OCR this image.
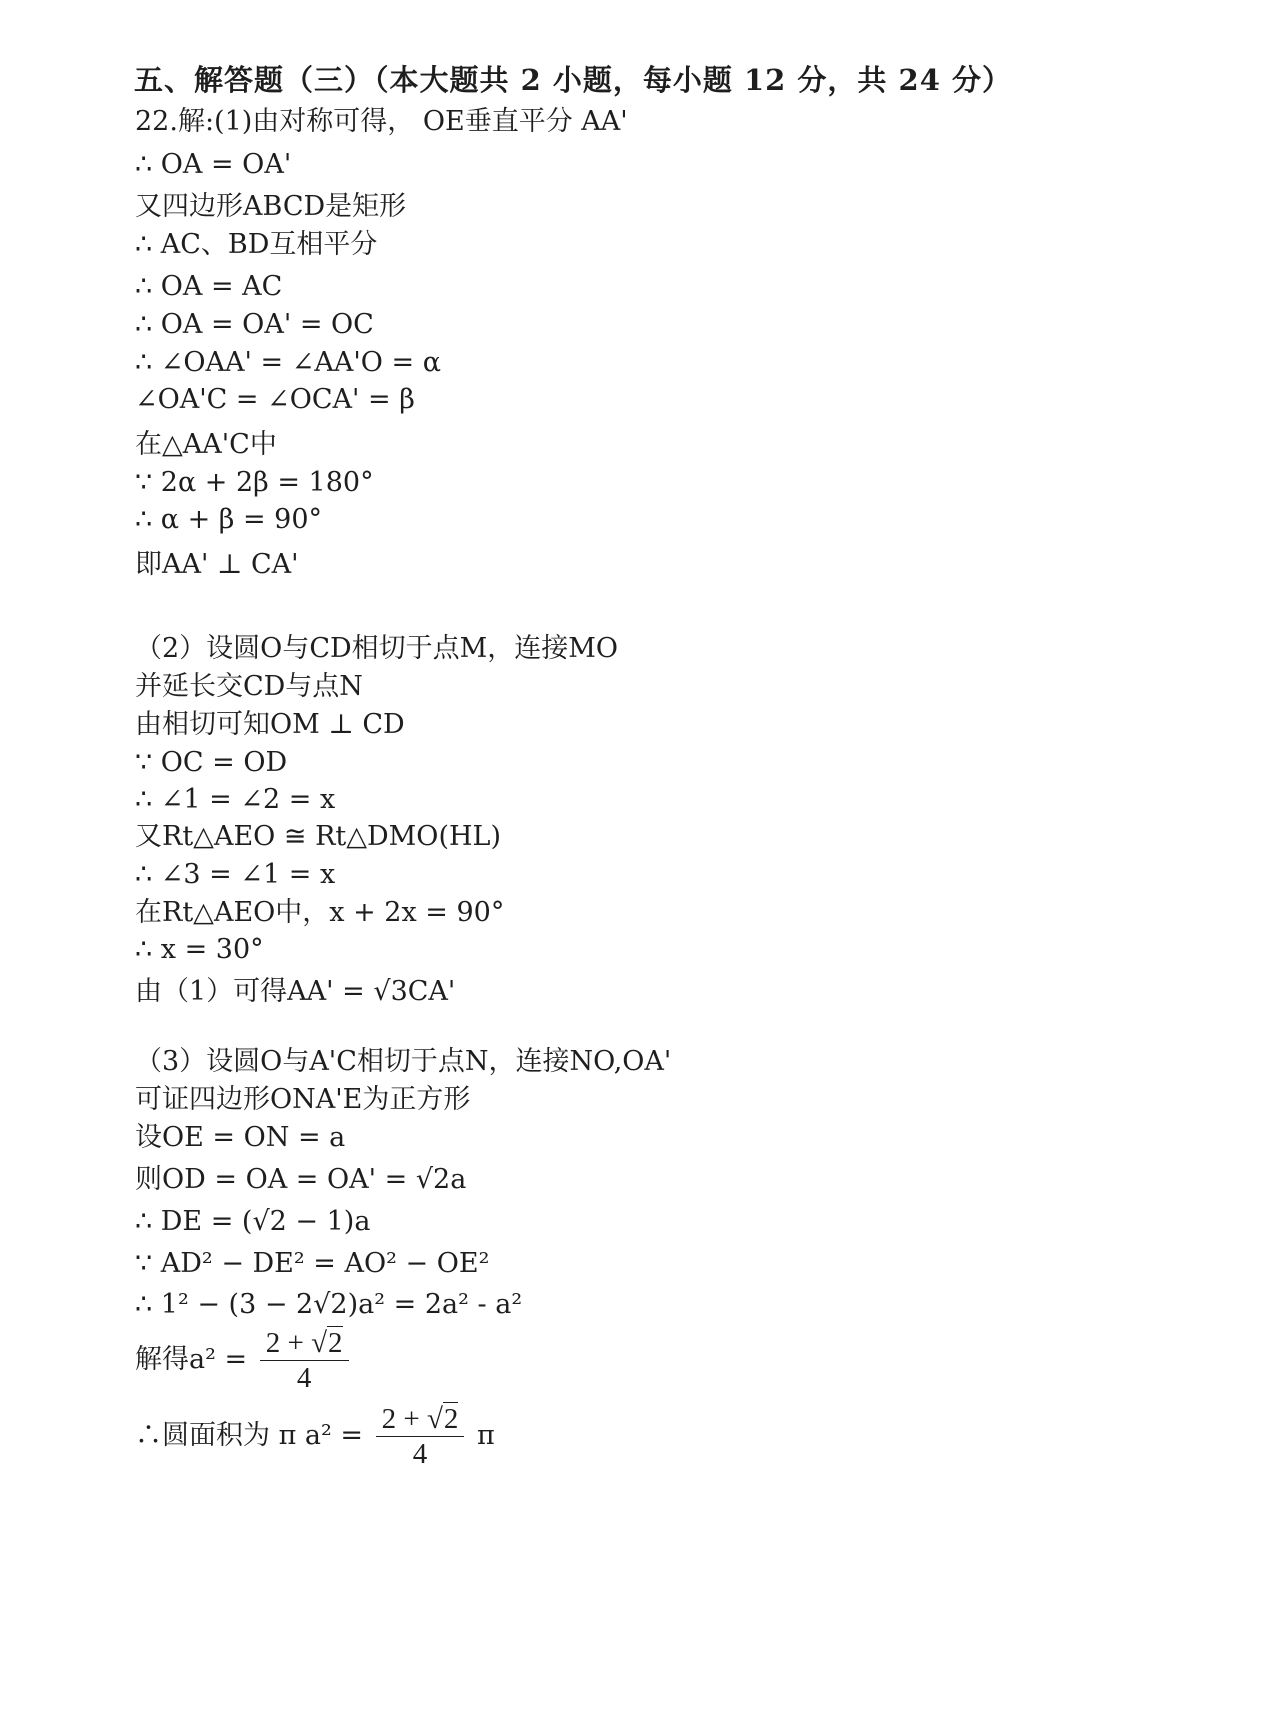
五、解答题（三）（本大题共 2 小题，每小题 12 分，共 24 分）
22.解:(1)由对称可得， OE垂直平分 AA'
∴ OA = OA'
又四边形ABCD是矩形
∴ AC、BD互相平分
∴ OA = AC
∴ OA = OA' = OC
∴ ∠OAA' = ∠AA'O = α
∠OA'C = ∠OCA' = β
在△AA'C中
∵ 2α + 2β = 180°
∴ α + β = 90°
即AA' ⊥ CA'
（2）设圆O与CD相切于点M，连接MO
并延长交CD与点N
由相切可知OM ⊥ CD
∵ OC = OD
∴ ∠1 = ∠2 = x
又Rt△AEO ≅ Rt△DMO(HL)
∴ ∠3 = ∠1 = x
在Rt△AEO中，x + 2x = 90°
∴ x = 30°
由（1）可得AA' = √3CA'
（3）设圆O与A'C相切于点N，连接NO,OA'
可证四边形ONA'E为正方形
设OE = ON = a
则OD = OA = OA' = √2a
∴ DE = (√2 − 1)a
∵ AD² − DE² = AO² − OE²
∴ 1² − (3 − 2√2)a² = 2a² - a²
解得$a^2 = \frac{2 + √2}{4}$
∴圆面积为 π $a^2 = \frac{2 + √2}{4}$ π
